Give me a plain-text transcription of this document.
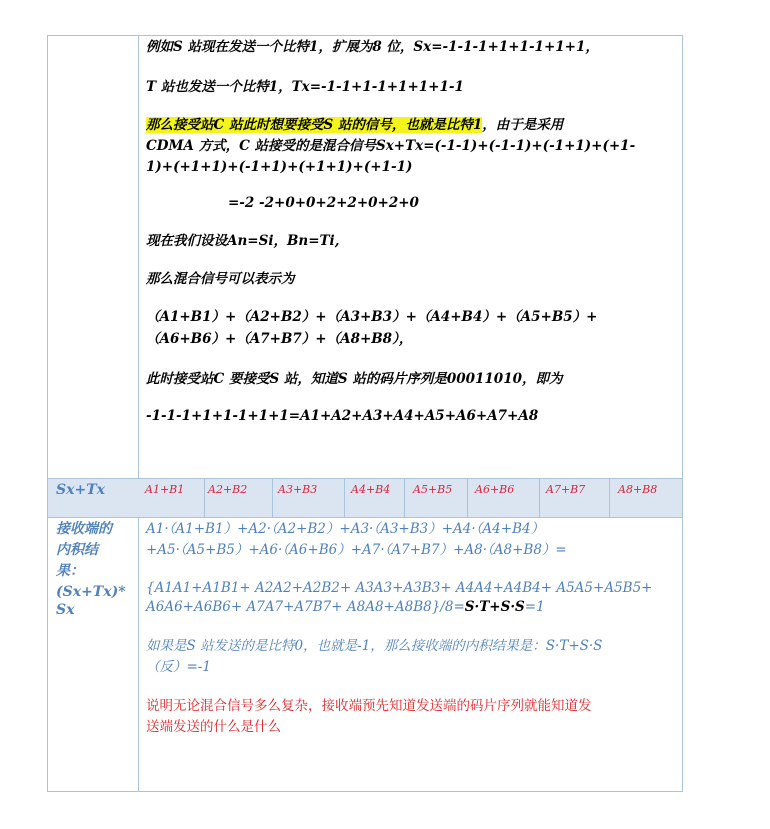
例如S 站现在发送一个比特1，扩展为8 位，Sx=-1-1-1+1+1-1+1+1，
T 站也发送一个比特1，Tx=-1-1+1-1+1+1+1-1
那么接受站C 站此时想要接受S 站的信号，也就是比特1，由于是采用
CDMA 方式，C 站接受的是混合信号Sx+Tx=(-1-1)+(-1-1)+(-1+1)+(+1-
1)+(+1+1)+(-1+1)+(+1+1)+(+1-1)
=-2 -2+0+0+2+2+0+2+0
现在我们设设An=Si，Bn=Ti,
那么混合信号可以表示为
（A1+B1）+（A2+B2）+（A3+B3）+（A4+B4）+（A5+B5）+
（A6+B6）+（A7+B7）+（A8+B8），
此时接受站C 要接受S 站，知道S 站的码片序列是00011010，即为
-1-1-1+1+1-1+1+1=A1+A2+A3+A4+A5+A6+A7+A8
Sx+Tx	A1+B1 A2+B2	A3+B3	A4+B4 A5+B5 A6+B6	A7+B7	A8+B8
接收端的
内积结
果：
(Sx+Tx)*
Sx
A1·（A1+B1）+A2·（A2+B2）+A3·（A3+B3）+A4·（A4+B4）
+A5·（A5+B5）+A6·（A6+B6）+A7·（A7+B7）+A8·（A8+B8）=
{A1A1+A1B1+ A2A2+A2B2+ A3A3+A3B3+ A4A4+A4B4+ A5A5+A5B5+
A6A6+A6B6+ A7A7+A7B7+ A8A8+A8B8}/8=S·T+S·S=1
如果是S 站发送的是比特0，也就是-1，那么接收端的内积结果是：S·T+S·S
（反）=-1
说明无论混合信号多么复杂，接收端预先知道发送端的码片序列就能知道发
送端发送的什么是什么
